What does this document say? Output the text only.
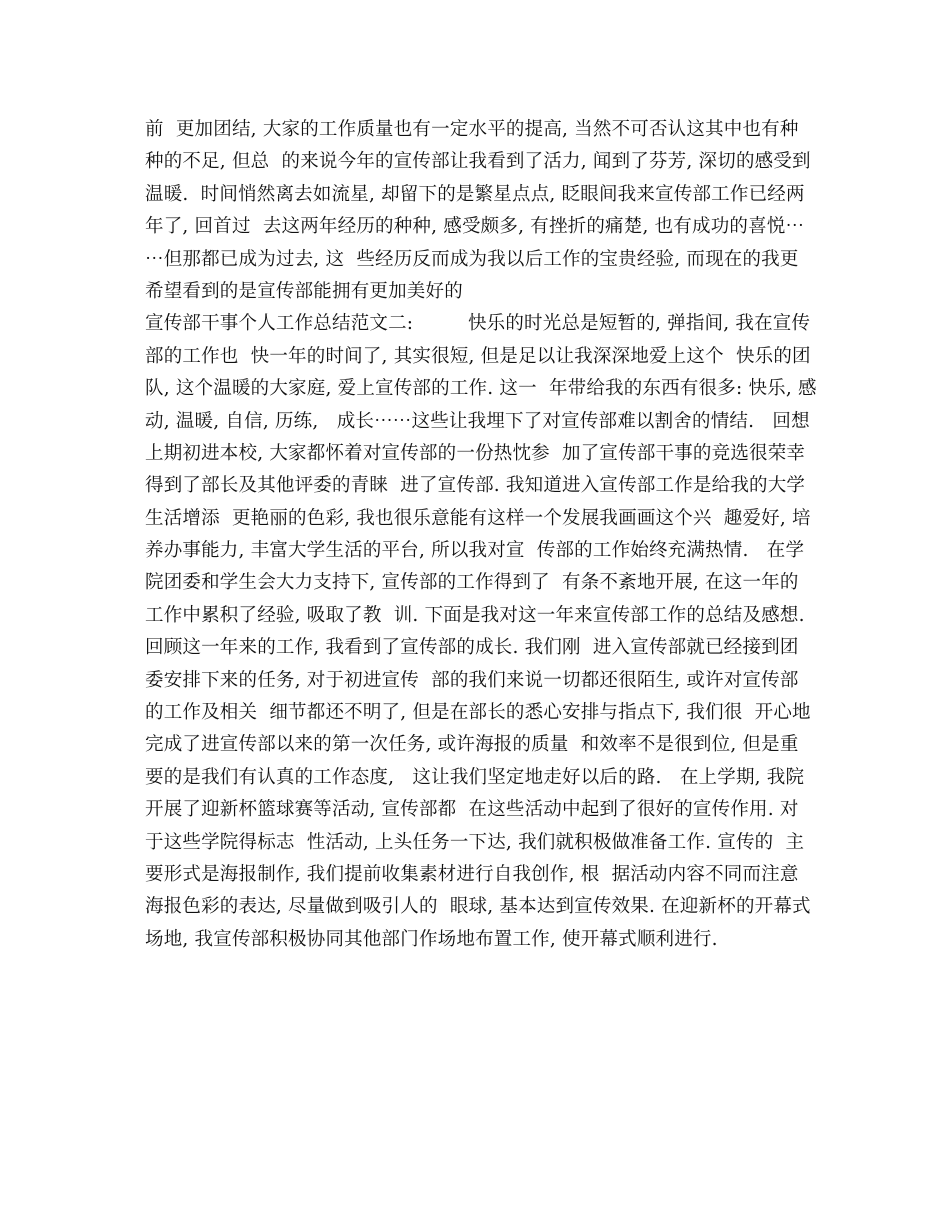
前  更加团结, 大家的工作质量也有一定水平的提高, 当然不可否认这其中也有种
种的不足, 但总  的来说今年的宣传部让我看到了活力, 闻到了芬芳, 深切的感受到
温暖.  时间悄然离去如流星, 却留下的是繁星点点, 眨眼间我来宣传部工作已经两
年了, 回首过  去这两年经历的种种, 感受颇多, 有挫折的痛楚, 也有成功的喜悦⋯
⋯但那都已成为过去, 这  些经历反而成为我以后工作的宝贵经验, 而现在的我更
希望看到的是宣传部能拥有更加美好的
宣传部干事个人工作总结范文二:         快乐的时光总是短暂的, 弹指间, 我在宣传
部的工作也  快一年的时间了, 其实很短, 但是足以让我深深地爱上这个  快乐的团
队, 这个温暖的大家庭, 爱上宣传部的工作. 这一  年带给我的东西有很多: 快乐, 感
动, 温暖, 自信, 历练,   成长⋯⋯这些让我埋下了对宣传部难以割舍的情结.   回想
上期初进本校, 大家都怀着对宣传部的一份热忱参  加了宣传部干事的竞选很荣幸
得到了部长及其他评委的青睐  进了宣传部. 我知道进入宣传部工作是给我的大学
生活增添  更艳丽的色彩, 我也很乐意能有这样一个发展我画画这个兴  趣爱好, 培
养办事能力, 丰富大学生活的平台, 所以我对宣  传部的工作始终充满热情.   在学
院团委和学生会大力支持下, 宣传部的工作得到了  有条不紊地开展, 在这一年的
工作中累积了经验, 吸取了教  训. 下面是我对这一年来宣传部工作的总结及感想.
回顾这一年来的工作, 我看到了宣传部的成长. 我们刚  进入宣传部就已经接到团
委安排下来的任务, 对于初进宣传  部的我们来说一切都还很陌生, 或许对宣传部
的工作及相关  细节都还不明了, 但是在部长的悉心安排与指点下, 我们很  开心地
完成了进宣传部以来的第一次任务, 或许海报的质量  和效率不是很到位, 但是重
要的是我们有认真的工作态度,   这让我们坚定地走好以后的路.   在上学期, 我院
开展了迎新杯篮球赛等活动, 宣传部都  在这些活动中起到了很好的宣传作用. 对
于这些学院得标志  性活动, 上头任务一下达, 我们就积极做准备工作. 宣传的  主
要形式是海报制作, 我们提前收集素材进行自我创作, 根  据活动内容不同而注意
海报色彩的表达, 尽量做到吸引人的  眼球, 基本达到宣传效果. 在迎新杯的开幕式
场地, 我宣传部积极协同其他部门作场地布置工作, 使开幕式顺利进行.
